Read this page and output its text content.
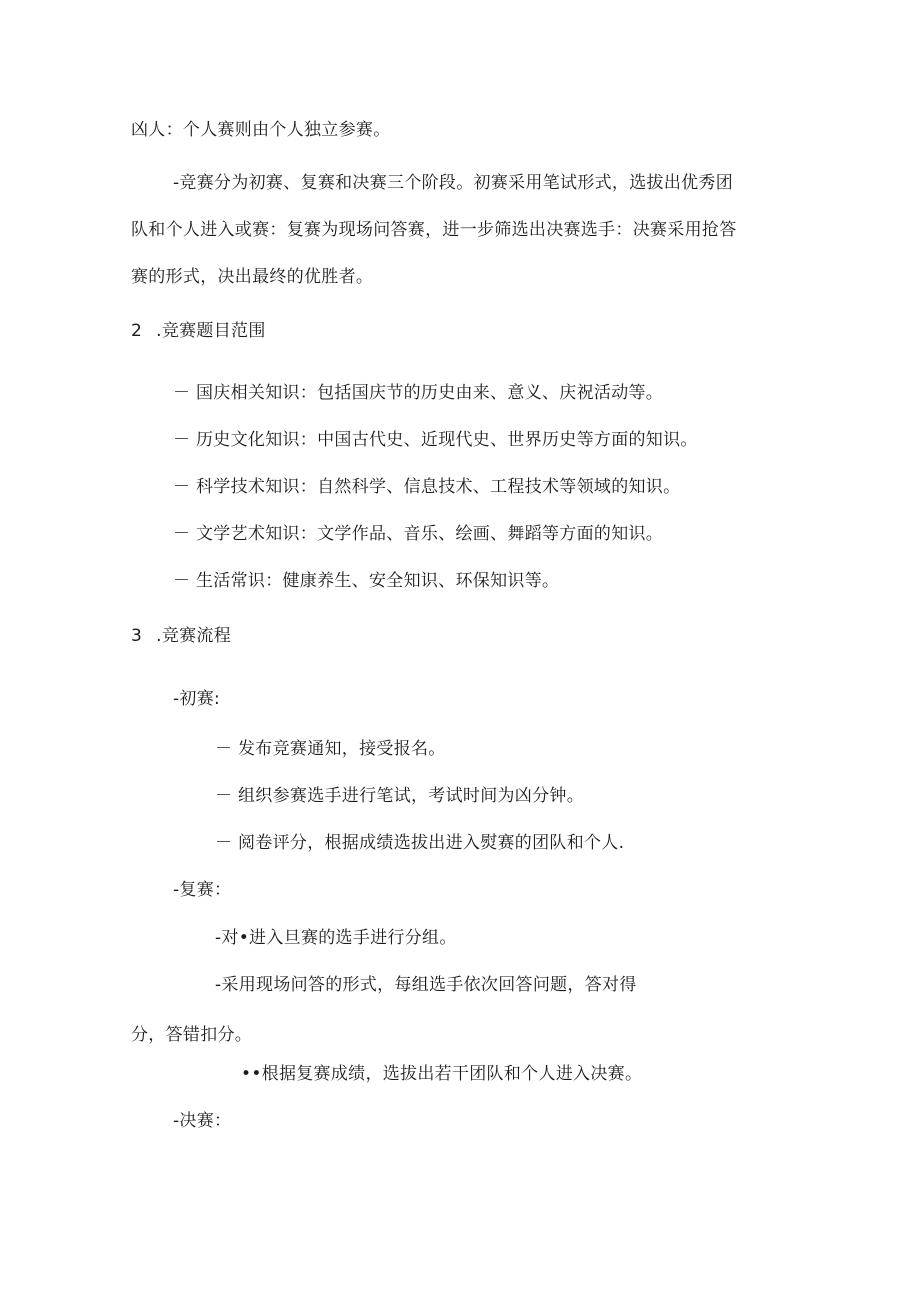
凶人：个人赛则由个人独立参赛。
-竞赛分为初赛、复赛和决赛三个阶段。初赛采用笔试形式，选拔出优秀团
队和个人进入或赛：复赛为现场问答赛，进一步筛选出决赛选手：决赛采用抢答
赛的形式，决出最终的优胜者。
2 .竞赛题目范围
－ 国庆相关知识：包括国庆节的历史由来、意义、庆祝活动等。
－ 历史文化知识：中国古代史、近现代史、世界历史等方面的知识。
－ 科学技术知识：自然科学、信息技术、工程技术等领域的知识。
－ 文学艺术知识：文学作品、音乐、绘画、舞蹈等方面的知识。
－ 生活常识：健康养生、安全知识、环保知识等。
3 .竞赛流程
-初赛:
－ 发布竞赛通知，接受报名。
－ 组织参赛选手进行笔试，考试时间为凶分钟。
－ 阅卷评分，根据成绩选拔出进入熨赛的团队和个人.
-复赛：
-对•进入旦赛的选手进行分组。
-采用现场问答的形式，每组选手依次回答问题，答对得
分，答错扣分。
••根据复赛成绩，选拔出若干团队和个人进入决赛。
-决赛：
